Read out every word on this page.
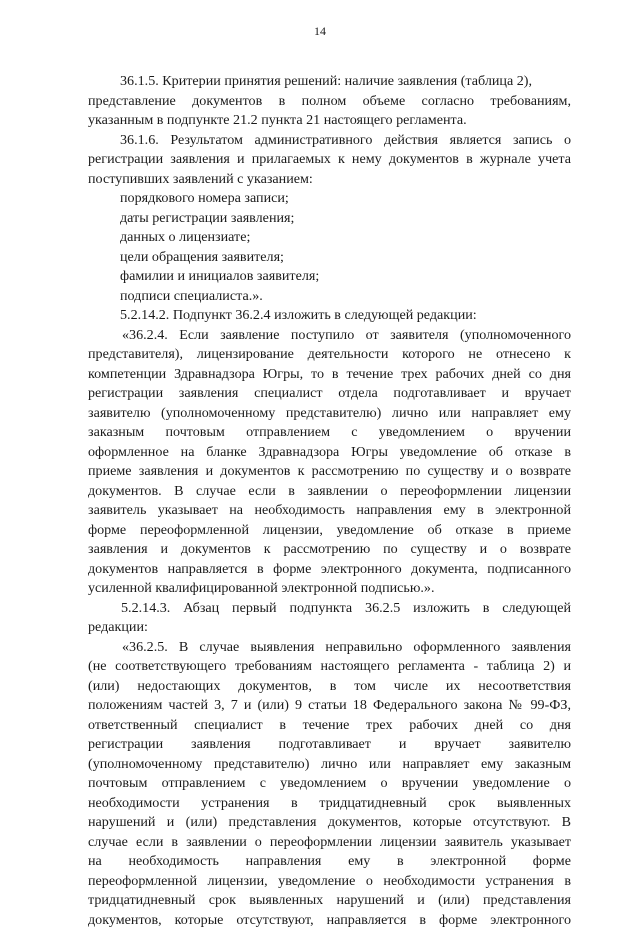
14
36.1.5. Критерии принятия решений: наличие заявления (таблица 2),
представление документов в полном объеме согласно требованиям,
указанным в подпункте 21.2 пункта 21 настоящего регламента.
36.1.6. Результатом административного действия является запись о
регистрации заявления и прилагаемых к нему документов в журнале учета
поступивших заявлений с указанием:
порядкового номера записи;
даты регистрации заявления;
данных о лицензиате;
цели обращения заявителя;
фамилии и инициалов заявителя;
подписи специалиста.».
5.2.14.2. Подпункт 36.2.4 изложить в следующей редакции:
«36.2.4. Если заявление поступило от заявителя (уполномоченного
представителя), лицензирование деятельности которого не отнесено к
компетенции Здравнадзора Югры, то в течение трех рабочих дней со дня
регистрации заявления специалист отдела подготавливает и вручает
заявителю (уполномоченному представителю) лично или направляет ему
заказным почтовым отправлением с уведомлением о вручении
оформленное на бланке Здравнадзора Югры уведомление об отказе в
приеме заявления и документов к рассмотрению по существу и о возврате
документов. В случае если в заявлении о переоформлении лицензии
заявитель указывает на необходимость направления ему в электронной
форме переоформленной лицензии, уведомление об отказе в приеме
заявления и документов к рассмотрению по существу и о возврате
документов направляется в форме электронного документа, подписанного
усиленной квалифицированной электронной подписью.».
5.2.14.3. Абзац первый подпункта 36.2.5 изложить в следующей
редакции:
«36.2.5. В случае выявления неправильно оформленного заявления
(не соответствующего требованиям настоящего регламента - таблица 2) и
(или) недостающих документов, в том числе их несоответствия
положениям частей 3, 7 и (или) 9 статьи 18 Федерального закона № 99-ФЗ,
ответственный специалист в течение трех рабочих дней со дня
регистрации заявления подготавливает и вручает заявителю
(уполномоченному представителю) лично или направляет ему заказным
почтовым отправлением с уведомлением о вручении уведомление о
необходимости устранения в тридцатидневный срок выявленных
нарушений и (или) представления документов, которые отсутствуют. В
случае если в заявлении о переоформлении лицензии заявитель указывает
на необходимость направления ему в электронной форме
переоформленной лицензии, уведомление о необходимости устранения в
тридцатидневный срок выявленных нарушений и (или) представления
документов, которые отсутствуют, направляется в форме электронного
